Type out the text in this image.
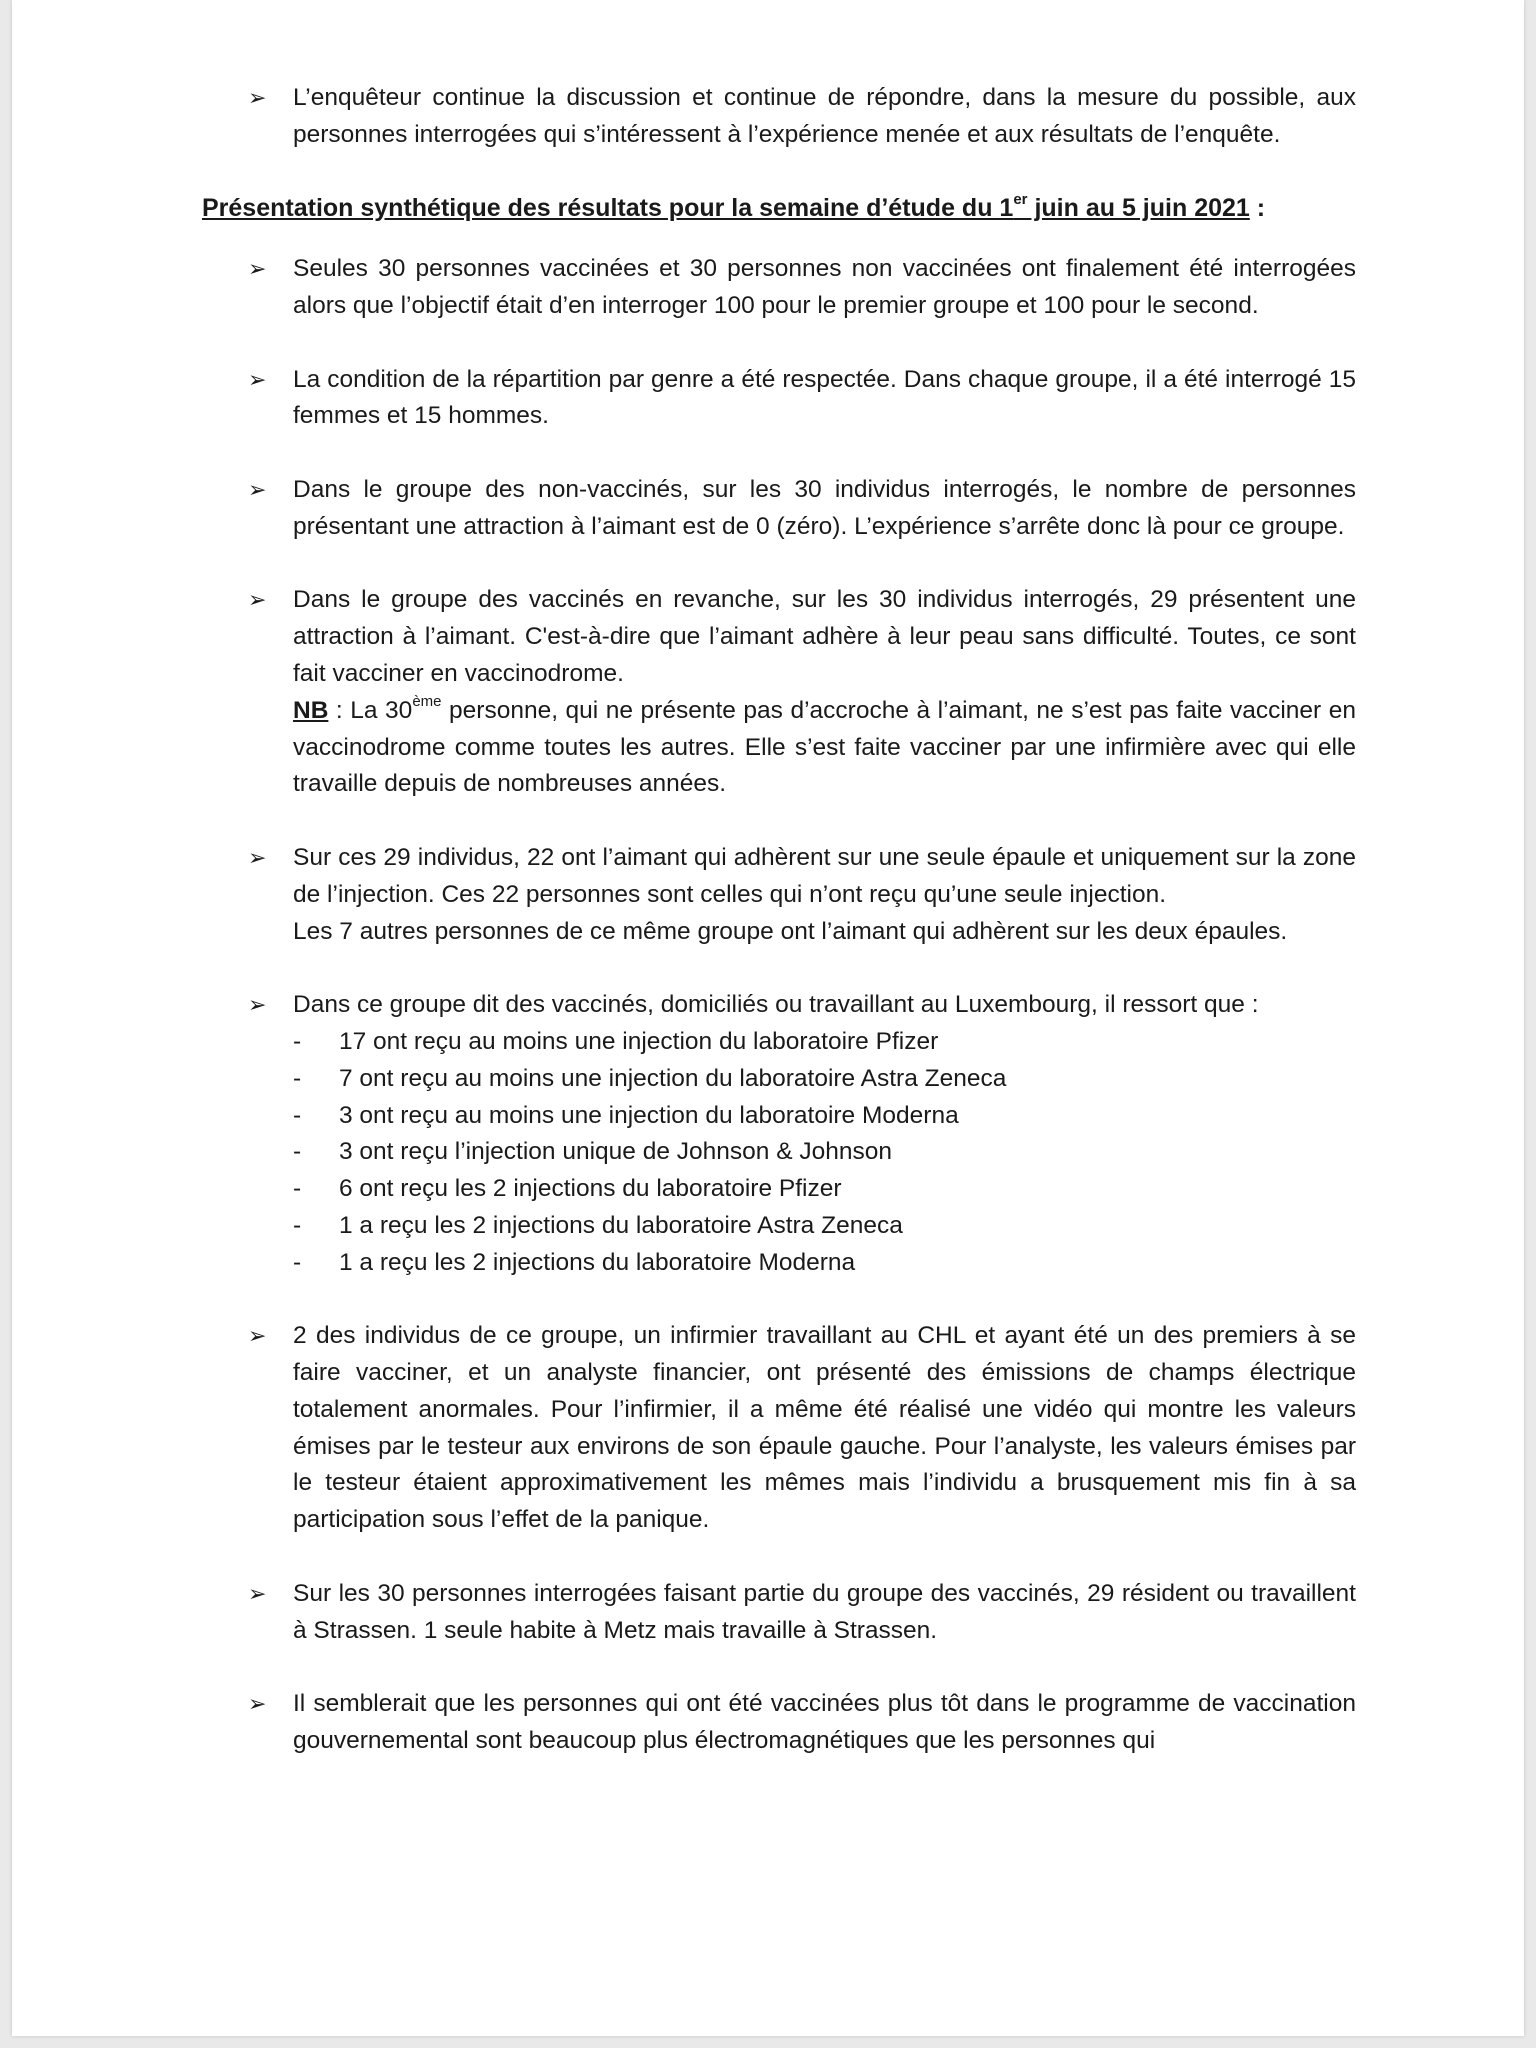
➢ L’enquêteur continue la discussion et continue de répondre, dans la mesure du possible, aux personnes interrogées qui s’intéressent à l’expérience menée et aux résultats de l’enquête.

Présentation synthétique des résultats pour la semaine d’étude du 1er juin au 5 juin 2021 :

➢ Seules 30 personnes vaccinées et 30 personnes non vaccinées ont finalement été interrogées alors que l’objectif était d’en interroger 100 pour le premier groupe et 100 pour le second.

➢ La condition de la répartition par genre a été respectée. Dans chaque groupe, il a été interrogé 15 femmes et 15 hommes.

➢ Dans le groupe des non-vaccinés, sur les 30 individus interrogés, le nombre de personnes présentant une attraction à l’aimant est de 0 (zéro). L’expérience s’arrête donc là pour ce groupe.

➢ Dans le groupe des vaccinés en revanche, sur les 30 individus interrogés, 29 présentent une attraction à l’aimant. C'est-à-dire que l’aimant adhère à leur peau sans difficulté. Toutes, ce sont fait vacciner en vaccinodrome.

NB : La 30ème personne, qui ne présente pas d’accroche à l’aimant, ne s’est pas faite vacciner en vaccinodrome comme toutes les autres. Elle s’est faite vacciner par une infirmière avec qui elle travaille depuis de nombreuses années.

➢ Sur ces 29 individus, 22 ont l’aimant qui adhèrent sur une seule épaule et uniquement sur la zone de l’injection. Ces 22 personnes sont celles qui n’ont reçu qu’une seule injection.

Les 7 autres personnes de ce même groupe ont l’aimant qui adhèrent sur les deux épaules.

➢ Dans ce groupe dit des vaccinés, domiciliés ou travaillant au Luxembourg, il ressort que :

- 17 ont reçu au moins une injection du laboratoire Pfizer
- 7 ont reçu au moins une injection du laboratoire Astra Zeneca
- 3 ont reçu au moins une injection du laboratoire Moderna
- 3 ont reçu l’injection unique de Johnson & Johnson
- 6 ont reçu les 2 injections du laboratoire Pfizer
- 1 a reçu les 2 injections du laboratoire Astra Zeneca
- 1 a reçu les 2 injections du laboratoire Moderna
➢ 2 des individus de ce groupe, un infirmier travaillant au CHL et ayant été un des premiers à se faire vacciner, et un analyste financier, ont présenté des émissions de champs électrique totalement anormales. Pour l’infirmier, il a même été réalisé une vidéo qui montre les valeurs émises par le testeur aux environs de son épaule gauche. Pour l’analyste, les valeurs émises par le testeur étaient approximativement les mêmes mais l’individu a brusquement mis fin à sa participation sous l’effet de la panique.

➢ Sur les 30 personnes interrogées faisant partie du groupe des vaccinés, 29 résident ou travaillent à Strassen. 1 seule habite à Metz mais travaille à Strassen.

➢ Il semblerait que les personnes qui ont été vaccinées plus tôt dans le programme de vaccination gouvernemental sont beaucoup plus électromagnétiques que les personnes qui
